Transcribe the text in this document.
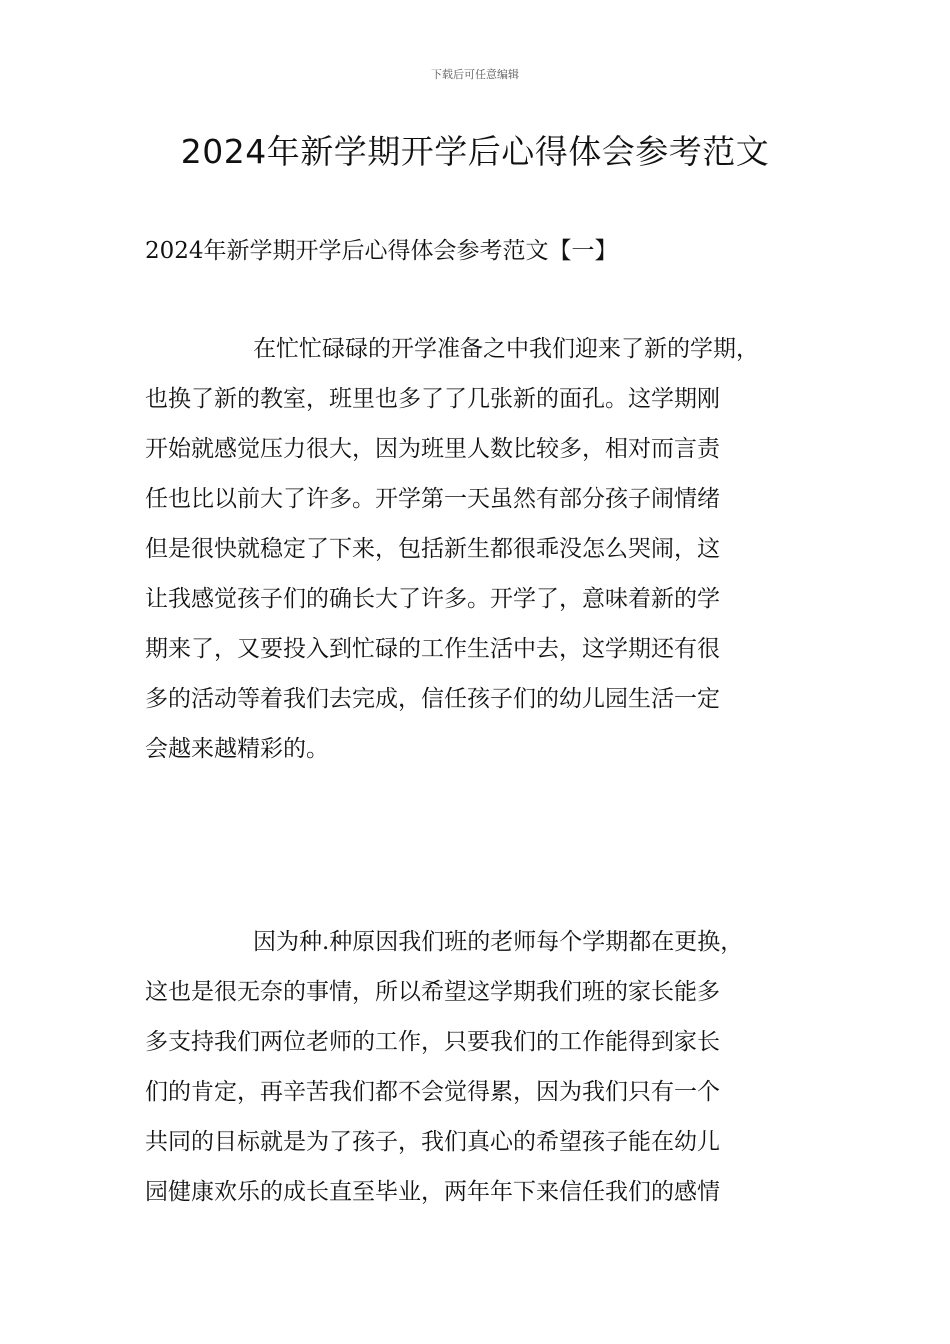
下载后可任意编辑
2024年新学期开学后心得体会参考范文
2024年新学期开学后心得体会参考范文【一】
在忙忙碌碌的开学准备之中我们迎来了新的学期，
也换了新的教室，班里也多了了几张新的面孔。这学期刚
开始就感觉压力很大，因为班里人数比较多，相对而言责
任也比以前大了许多。开学第一天虽然有部分孩子闹情绪
但是很快就稳定了下来，包括新生都很乖没怎么哭闹，这
让我感觉孩子们的确长大了许多。开学了，意味着新的学
期来了，又要投入到忙碌的工作生活中去，这学期还有很
多的活动等着我们去完成，信任孩子们的幼儿园生活一定
会越来越精彩的。
因为种.种原因我们班的老师每个学期都在更换，
这也是很无奈的事情，所以希望这学期我们班的家长能多
多支持我们两位老师的工作，只要我们的工作能得到家长
们的肯定，再辛苦我们都不会觉得累，因为我们只有一个
共同的目标就是为了孩子，我们真心的希望孩子能在幼儿
园健康欢乐的成长直至毕业，两年年下来信任我们的感情
